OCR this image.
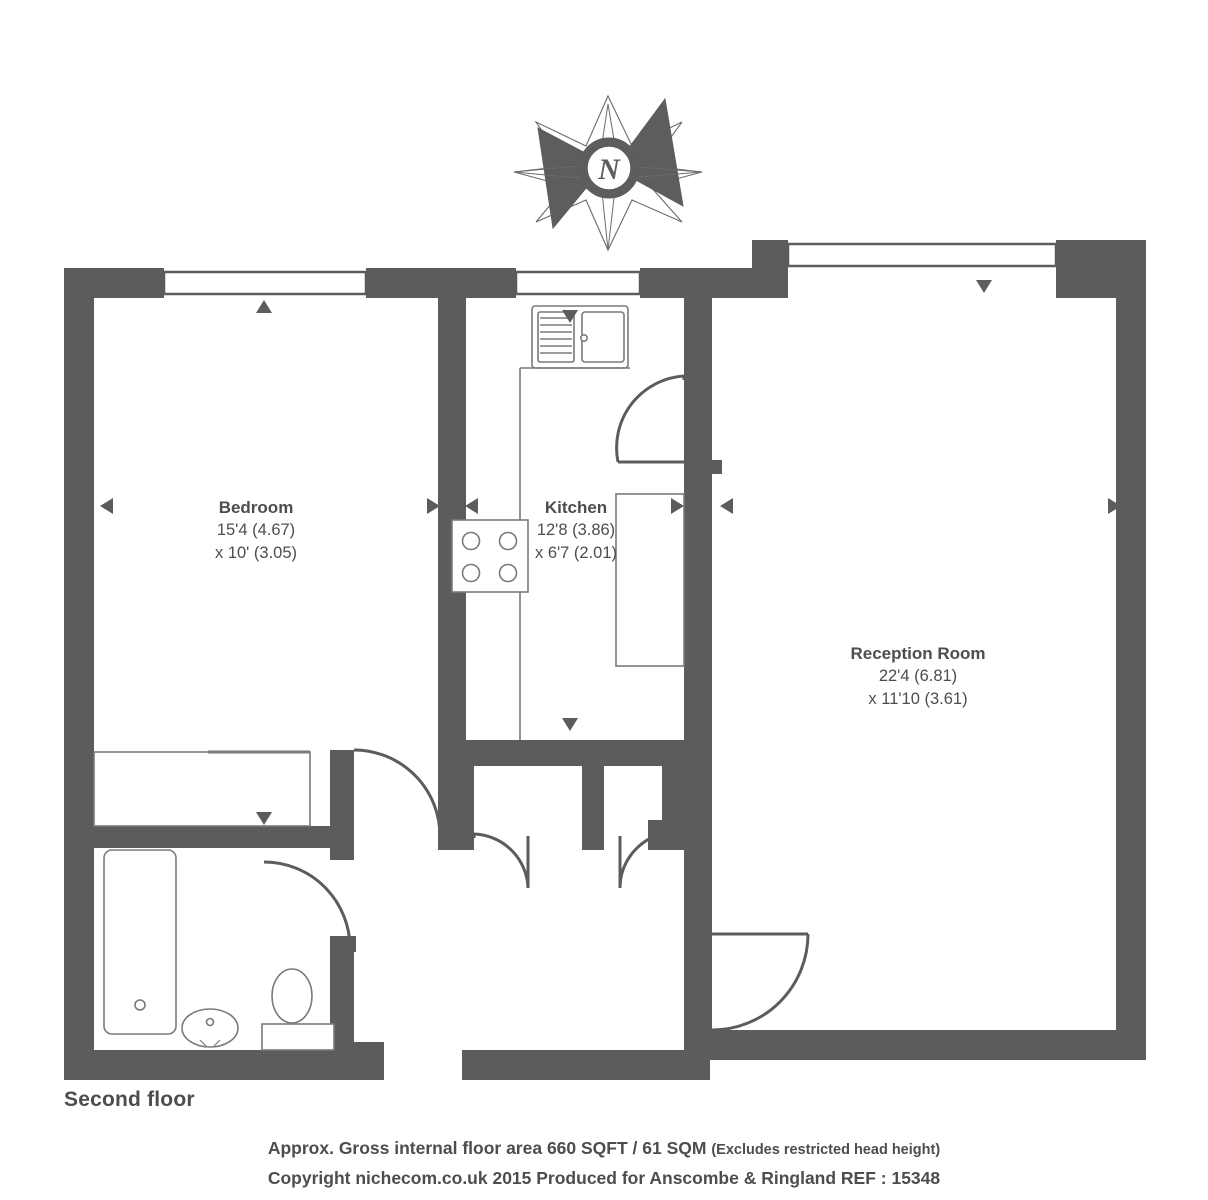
N
Bedroom
15'4 (4.67)
x 10' (3.05)
Kitchen
12'8 (3.86)
x 6'7 (2.01)
Reception Room
22'4 (6.81)
x 11'10 (3.61)
Second floor
Approx. Gross internal floor area 660 SQFT / 61 SQM (Excludes restricted head height)
Copyright nichecom.co.uk 2015 Produced for Anscombe & Ringland REF : 15348
